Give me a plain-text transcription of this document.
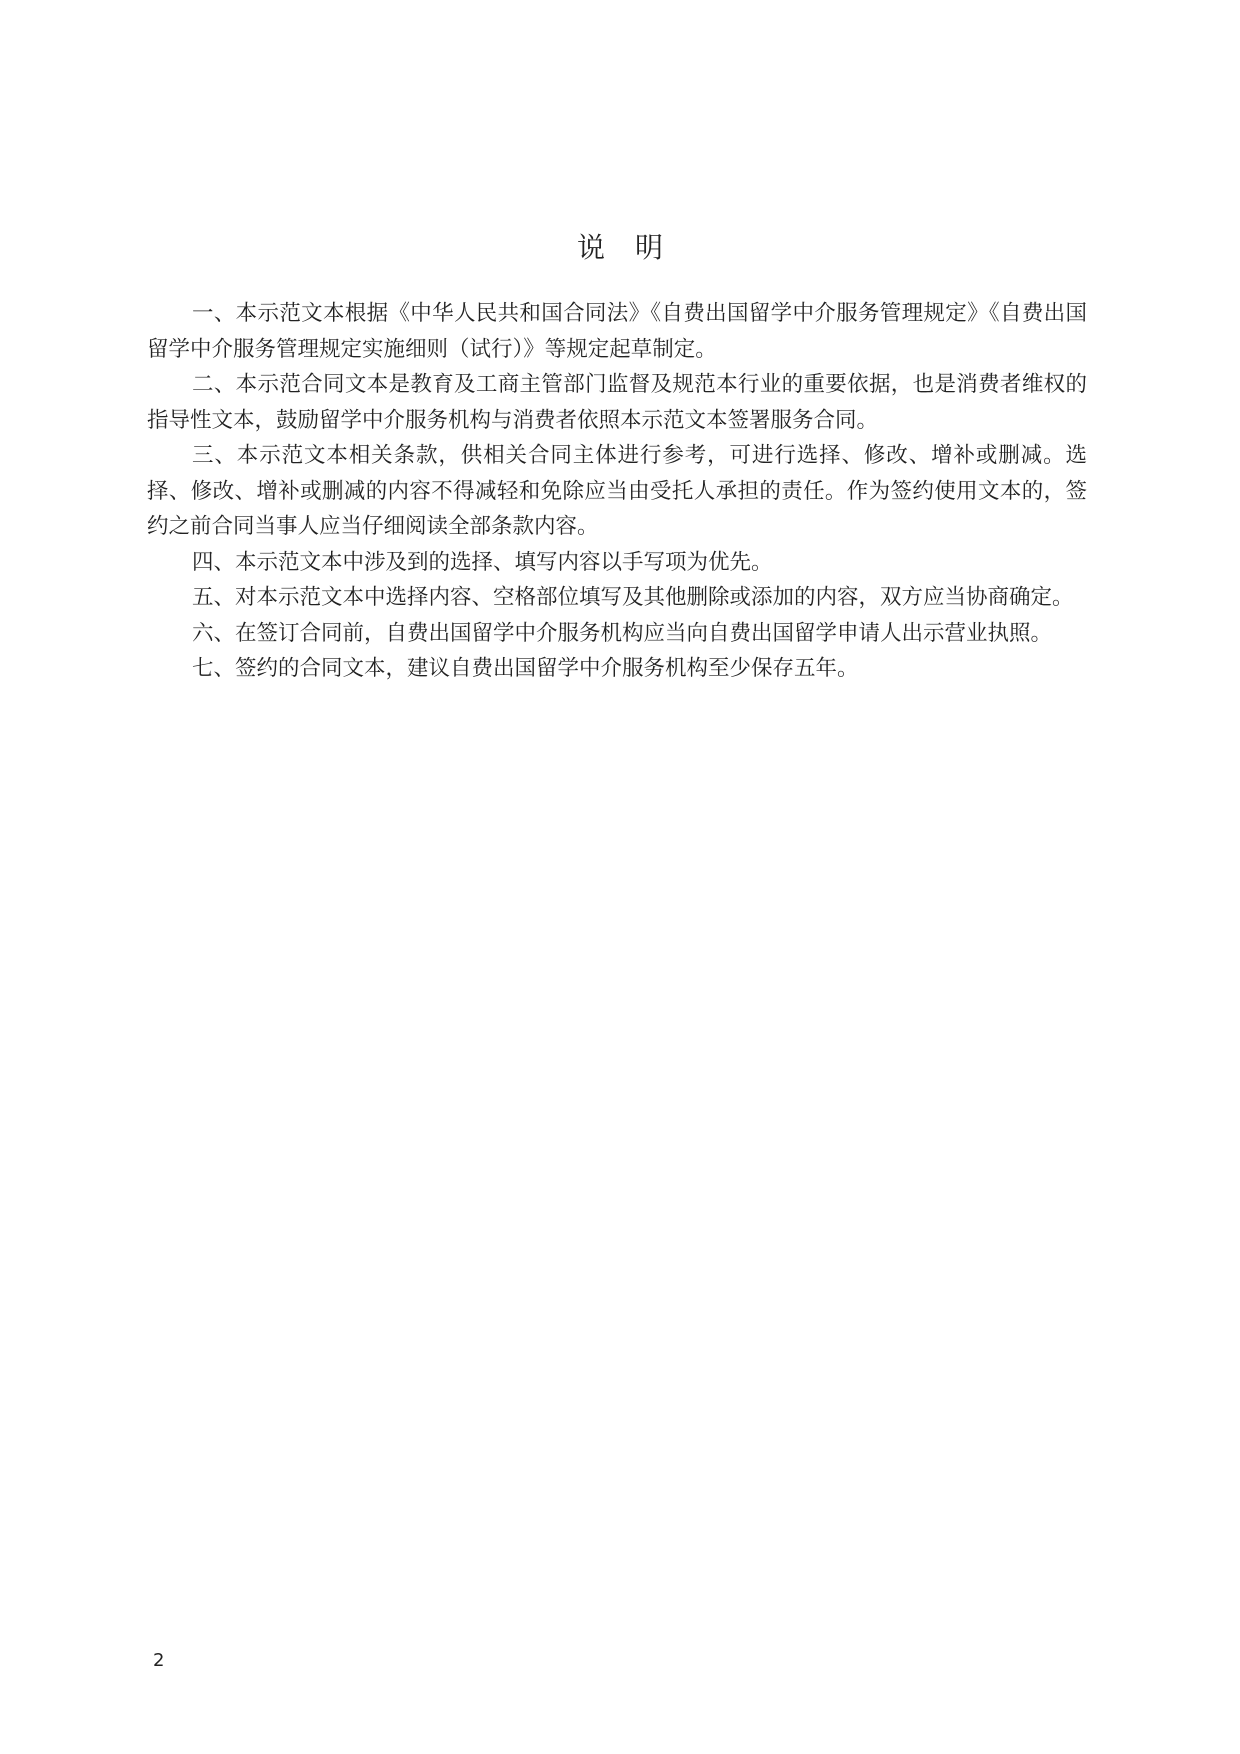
说明

一、本示范文本根据《中华人民共和国合同法》《自费出国留学中介服务管理规定》《自费出国留学中介服务管理规定实施细则（试行）》等规定起草制定。

二、本示范合同文本是教育及工商主管部门监督及规范本行业的重要依据，也是消费者维权的指导性文本，鼓励留学中介服务机构与消费者依照本示范文本签署服务合同。

三、本示范文本相关条款，供相关合同主体进行参考，可进行选择、修改、增补或删减。选择、修改、增补或删减的内容不得减轻和免除应当由受托人承担的责任。作为签约使用文本的，签约之前合同当事人应当仔细阅读全部条款内容。

四、本示范文本中涉及到的选择、填写内容以手写项为优先。

五、对本示范文本中选择内容、空格部位填写及其他删除或添加的内容，双方应当协商确定。

六、在签订合同前，自费出国留学中介服务机构应当向自费出国留学申请人出示营业执照。

七、签约的合同文本，建议自费出国留学中介服务机构至少保存五年。

2
